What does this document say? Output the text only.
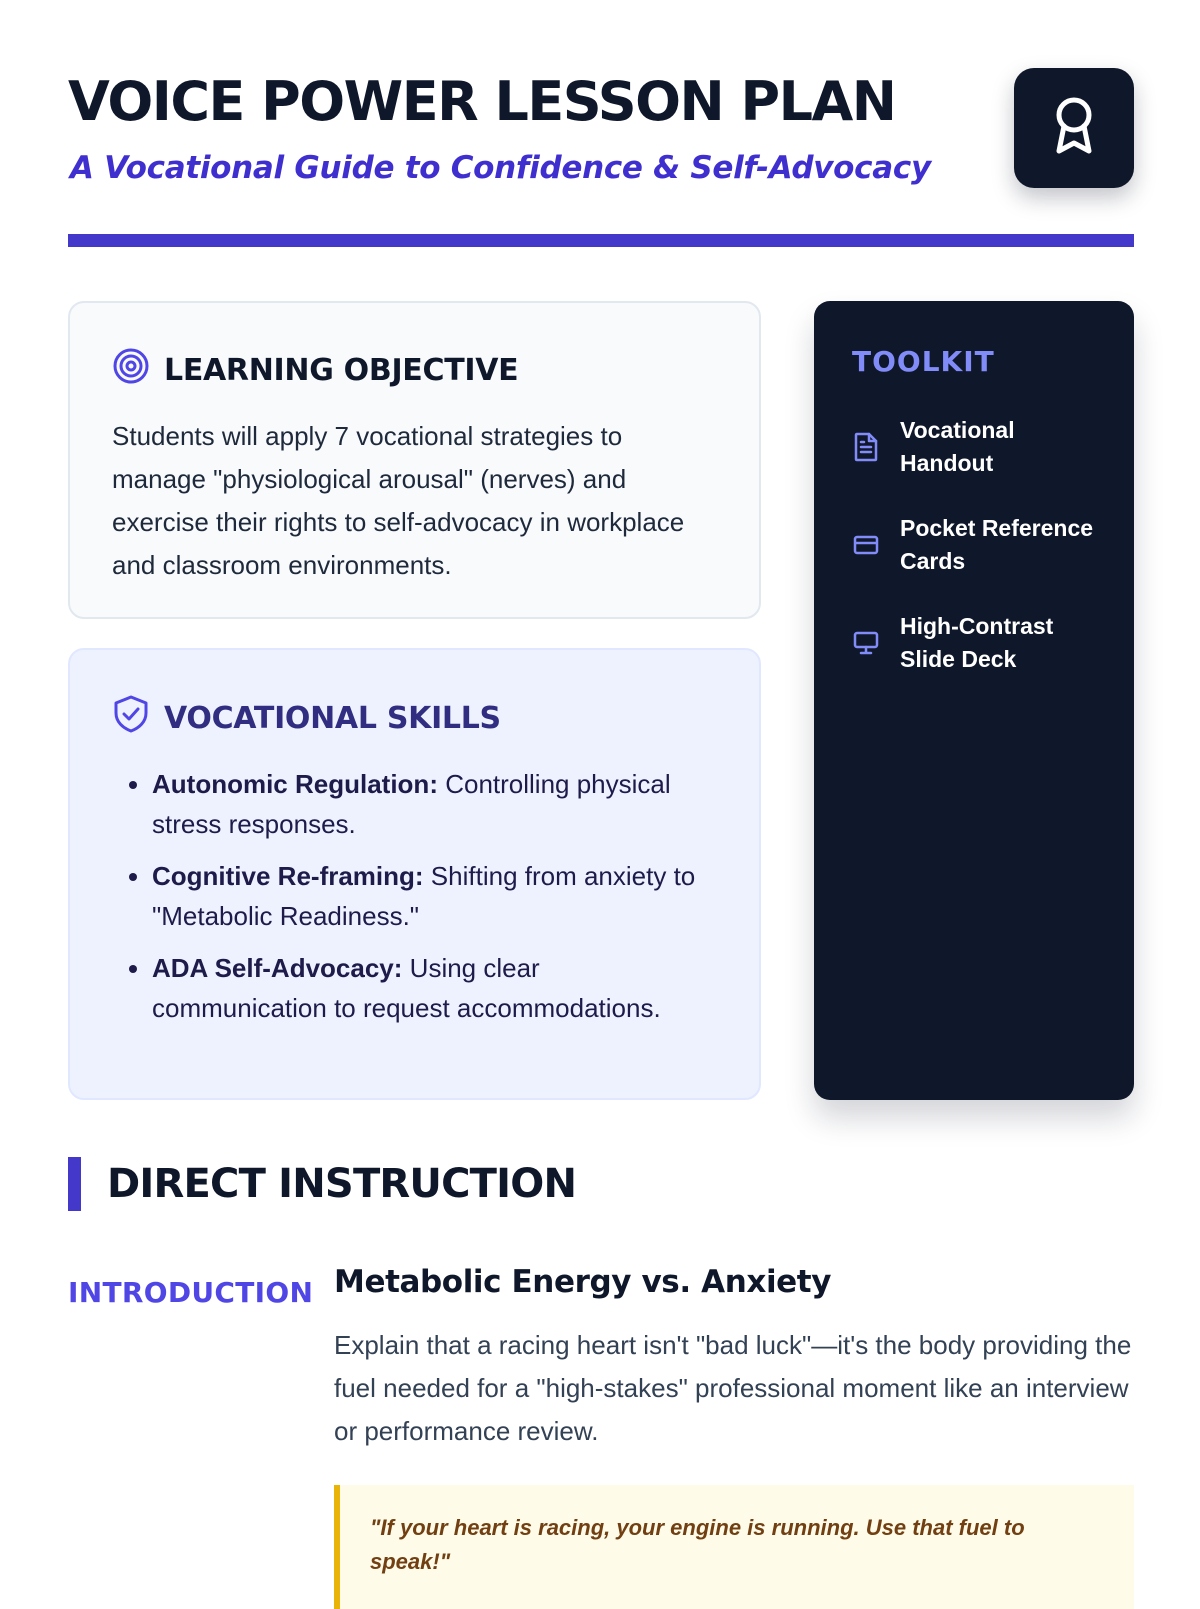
VOICE POWER LESSON PLAN

A Vocational Guide to Confidence & Self-Advocacy

LEARNING OBJECTIVE

Students will apply 7 vocational strategies to manage "physiological arousal" (nerves) and exercise their rights to self-advocacy in workplace and classroom environments.

VOCATIONAL SKILLS
• Autonomic Regulation: Controlling physical stress responses.
• Cognitive Re-framing: Shifting from anxiety to "Metabolic Readiness."
• ADA Self-Advocacy: Using clear communication to request accommodations.
TOOLKIT
Vocational Handout
Pocket Reference Cards
High-Contrast Slide Deck
DIRECT INSTRUCTION
INTRODUCTION Metabolic Energy vs. Anxiety

Explain that a racing heart isn't "bad luck"—it's the body providing the fuel needed for a "high-stakes" professional moment like an interview or performance review.

"If your heart is racing, your engine is running. Use that fuel to speak!"
